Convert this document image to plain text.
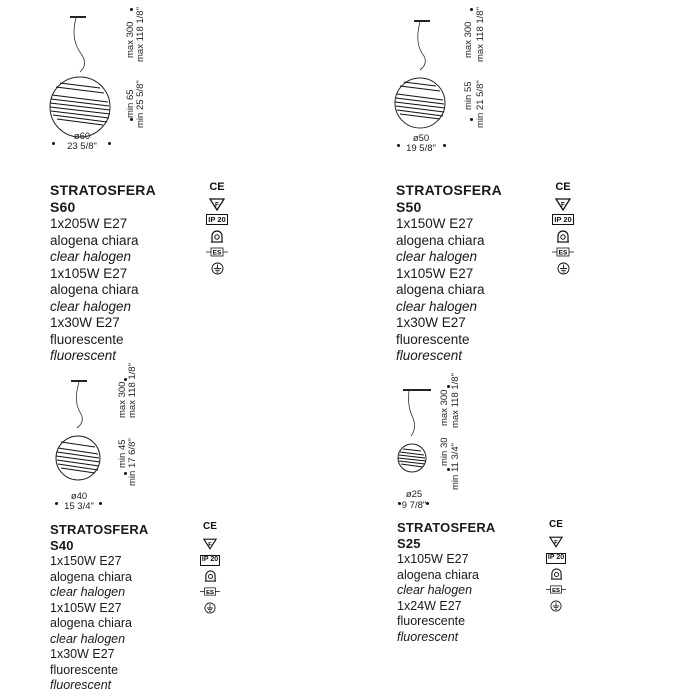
min 65 min 25 5/8"
max 300 max 118 1/8"
ø60
23 5/8"

STRATOSFERA S60

1x205W E27

alogena chiara

clear halogen

1x105W E27

alogena chiara

clear halogen

1x30W E27

fluorescente

fluorescent

CE
F
IP 20
ES
min 55 min 21 5/8"
max 300 max 118 1/8"
ø50
19 5/8"

STRATOSFERA S50

1x150W E27

alogena chiara

clear halogen

1x105W E27

alogena chiara

clear halogen

1x30W E27

fluorescente

fluorescent

CE
F
IP 20
ES
min 45 min 17 6/8"
max 300 max 118 1/8"
ø40
15 3/4"

STRATOSFERA S40

1x150W E27

alogena chiara

clear halogen

1x105W E27

alogena chiara

clear halogen

1x30W E27

fluorescente

fluorescent

CE
F
IP 20
ES
min 30 min 11 3/4"
max 300 max 118 1/8"
ø25
9 7/8"

STRATOSFERA S25

1x105W E27

alogena chiara

clear halogen

1x24W E27

fluorescente

fluorescent

CE
F
IP 20
ES
